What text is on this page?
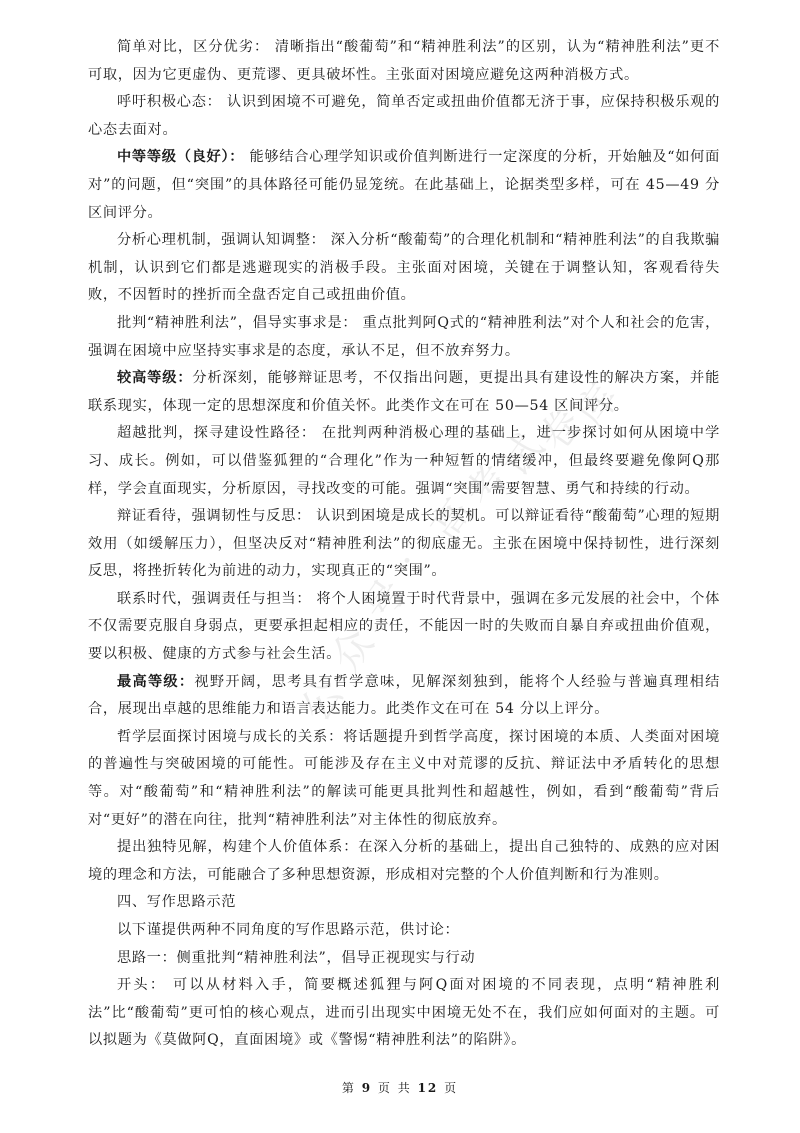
公
众
号
：
高
考
试
卷
库

简单对比，区分优劣： 清晰指出“酸葡萄”和“精神胜利法”的区别，认为“精神胜利法”更不可取，因为它更虚伪、更荒谬、更具破坏性。主张面对困境应避免这两种消极方式。

呼吁积极心态： 认识到困境不可避免，简单否定或扭曲价值都无济于事，应保持积极乐观的心态去面对。

中等等级（良好）： 能够结合心理学知识或价值判断进行一定深度的分析，开始触及“如何面对”的问题，但“突围”的具体路径可能仍显笼统。在此基础上，论据类型多样，可在 45—49 分区间评分。

分析心理机制，强调认知调整： 深入分析“酸葡萄”的合理化机制和“精神胜利法”的自我欺骗机制，认识到它们都是逃避现实的消极手段。主张面对困境，关键在于调整认知，客观看待失败，不因暂时的挫折而全盘否定自己或扭曲价值。

批判“精神胜利法”，倡导实事求是： 重点批判阿Q式的“精神胜利法”对个人和社会的危害，强调在困境中应坚持实事求是的态度，承认不足，但不放弃努力。

较高等级：分析深刻，能够辩证思考，不仅指出问题，更提出具有建设性的解决方案，并能联系现实，体现一定的思想深度和价值关怀。此类作文在可在 50—54 区间评分。

超越批判，探寻建设性路径： 在批判两种消极心理的基础上，进一步探讨如何从困境中学习、成长。例如，可以借鉴狐狸的“合理化”作为一种短暂的情绪缓冲，但最终要避免像阿Q那样，学会直面现实，分析原因，寻找改变的可能。强调“突围”需要智慧、勇气和持续的行动。

辩证看待，强调韧性与反思： 认识到困境是成长的契机。可以辩证看待“酸葡萄”心理的短期效用（如缓解压力），但坚决反对“精神胜利法”的彻底虚无。主张在困境中保持韧性，进行深刻反思，将挫折转化为前进的动力，实现真正的“突围”。

联系时代，强调责任与担当： 将个人困境置于时代背景中，强调在多元发展的社会中，个体不仅需要克服自身弱点，更要承担起相应的责任，不能因一时的失败而自暴自弃或扭曲价值观，要以积极、健康的方式参与社会生活。

最高等级：视野开阔，思考具有哲学意味，见解深刻独到，能将个人经验与普遍真理相结合，展现出卓越的思维能力和语言表达能力。此类作文在可在 54 分以上评分。

哲学层面探讨困境与成长的关系：将话题提升到哲学高度，探讨困境的本质、人类面对困境的普遍性与突破困境的可能性。可能涉及存在主义中对荒谬的反抗、辩证法中矛盾转化的思想等。对“酸葡萄”和“精神胜利法”的解读可能更具批判性和超越性，例如，看到“酸葡萄”背后对“更好”的潜在向往，批判“精神胜利法”对主体性的彻底放弃。

提出独特见解，构建个人价值体系：在深入分析的基础上，提出自己独特的、成熟的应对困境的理念和方法，可能融合了多种思想资源，形成相对完整的个人价值判断和行为准则。

四、写作思路示范

以下谨提供两种不同角度的写作思路示范，供讨论：

思路一：侧重批判“精神胜利法”，倡导正视现实与行动

开头： 可以从材料入手，简要概述狐狸与阿Q面对困境的不同表现，点明“精神胜利法”比“酸葡萄”更可怕的核心观点，进而引出现实中困境无处不在，我们应如何面对的主题。可以拟题为《莫做阿Q，直面困境》或《警惕“精神胜利法”的陷阱》。

第 9 页 共 12 页
